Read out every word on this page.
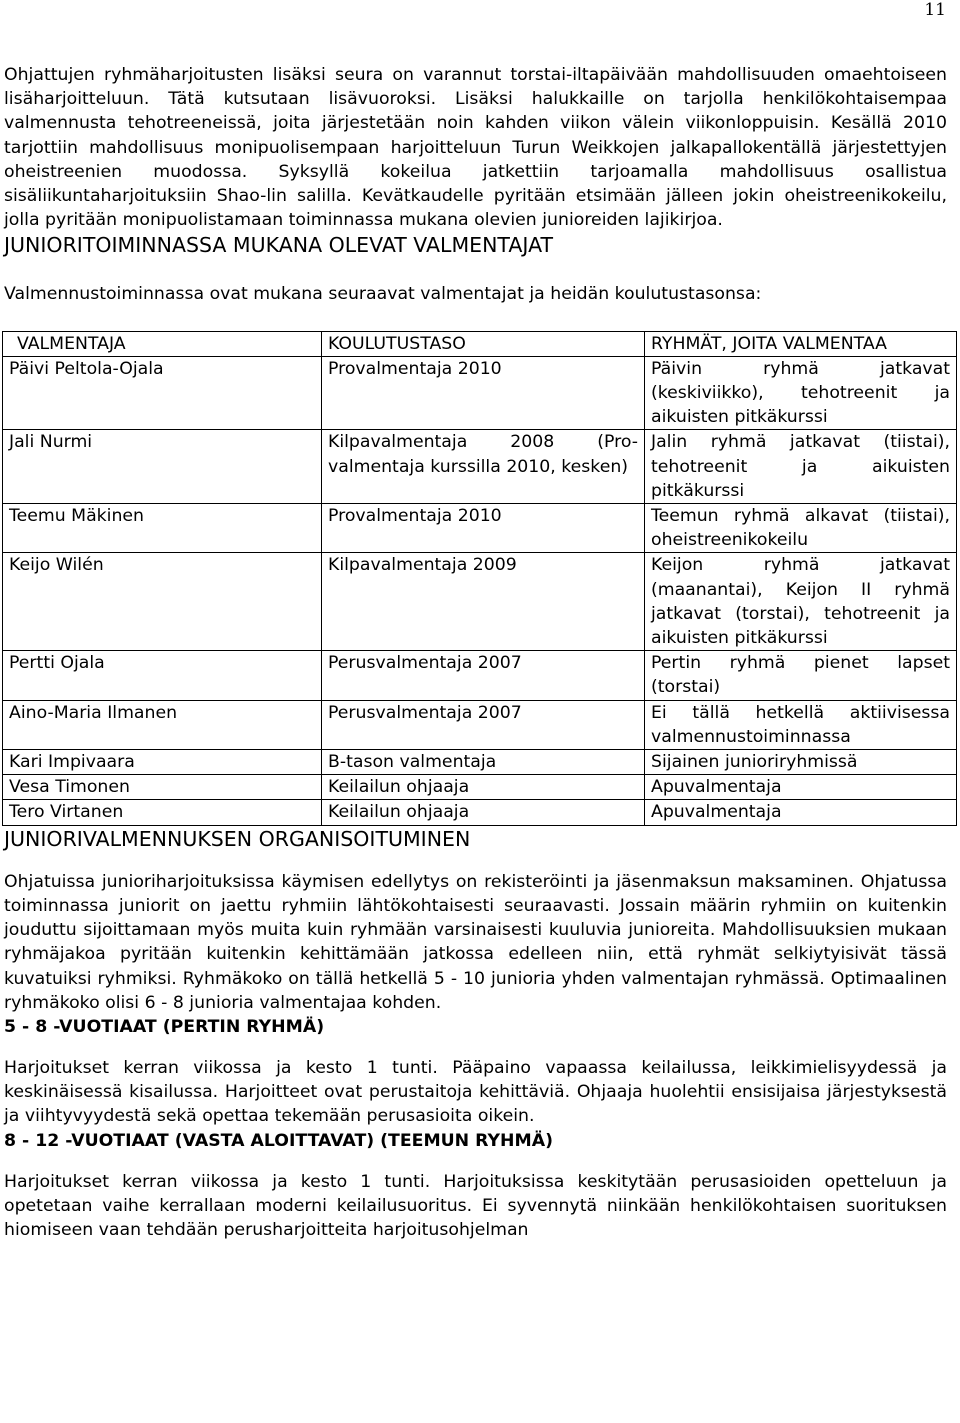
11

Ohjattujen ryhmäharjoitusten lisäksi seura on varannut torstai-iltapäivään mahdollisuuden omaehtoiseen lisäharjoitteluun. Tätä kutsutaan lisävuoroksi. Lisäksi halukkaille on tarjolla henkilökohtaisempaa valmennusta tehotreeneissä, joita järjestetään noin kahden viikon välein viikonloppuisin. Kesällä 2010 tarjottiin mahdollisuus monipuolisempaan harjoitteluun Turun Weikkojen jalkapallokentällä järjestettyjen oheistreenien muodossa. Syksyllä kokeilua jatkettiin tarjoamalla mahdollisuus osallistua sisäliikuntaharjoituksiin Shao-lin salilla. Kevätkaudelle pyritään etsimään jälleen jokin oheistreenikokeilu, jolla pyritään monipuolistamaan toiminnassa mukana olevien junioreiden lajikirjoa.

JUNIORITOIMINNASSA MUKANA OLEVAT VALMENTAJAT

Valmennustoiminnassa ovat mukana seuraavat valmentajat ja heidän koulutustasonsa:

VALMENTAJA	KOULUTUSTASO	RYHMÄT, JOITA VALMENTAA
Päivi Peltola-Ojala	Provalmentaja 2010	Päivin ryhmä jatkavat (keskiviikko), tehotreenit ja aikuisten pitkäkurssi
Jali Nurmi	Kilpavalmentaja 2008 (Pro-valmentaja kurssilla 2010, kesken)	Jalin ryhmä jatkavat (tiistai), tehotreenit ja aikuisten pitkäkurssi
Teemu Mäkinen	Provalmentaja 2010	Teemun ryhmä alkavat (tiistai), oheistreenikokeilu
Keijo Wilén	Kilpavalmentaja 2009	Keijon ryhmä jatkavat (maanantai), Keijon II ryhmä jatkavat (torstai), tehotreenit ja aikuisten pitkäkurssi
Pertti Ojala	Perusvalmentaja 2007	Pertin ryhmä pienet lapset (torstai)
Aino-Maria Ilmanen	Perusvalmentaja 2007	Ei tällä hetkellä aktiivisessa valmennustoiminnassa
Kari Impivaara	B-tason valmentaja	Sijainen junioriryhmissä
Vesa Timonen	Keilailun ohjaaja	Apuvalmentaja
Tero Virtanen	Keilailun ohjaaja	Apuvalmentaja
JUNIORIVALMENNUKSEN ORGANISOITUMINEN

Ohjatuissa junioriharjoituksissa käymisen edellytys on rekisteröinti ja jäsenmaksun maksaminen. Ohjatussa toiminnassa juniorit on jaettu ryhmiin lähtökohtaisesti seuraavasti. Jossain määrin ryhmiin on kuitenkin jouduttu sijoittamaan myös muita kuin ryhmään varsinaisesti kuuluvia junioreita. Mahdollisuuksien mukaan ryhmäjakoa pyritään kuitenkin kehittämään jatkossa edelleen niin, että ryhmät selkiytyisivät tässä kuvatuiksi ryhmiksi. Ryhmäkoko on tällä hetkellä 5 - 10 junioria yhden valmentajan ryhmässä. Optimaalinen ryhmäkoko olisi 6 - 8 junioria valmentajaa kohden.

5 - 8 -VUOTIAAT (PERTIN RYHMÄ)

Harjoitukset kerran viikossa ja kesto 1 tunti. Pääpaino vapaassa keilailussa, leikkimielisyydessä ja keskinäisessä kisailussa. Harjoitteet ovat perustaitoja kehittäviä. Ohjaaja huolehtii ensisijaisa järjestyksestä ja viihtyvyydestä sekä opettaa tekemään perusasioita oikein.

8 - 12 -VUOTIAAT (VASTA ALOITTAVAT) (TEEMUN RYHMÄ)

Harjoitukset kerran viikossa ja kesto 1 tunti. Harjoituksissa keskitytään perusasioiden opetteluun ja opetetaan vaihe kerrallaan moderni keilailusuoritus. Ei syvennytä niinkään henkilökohtaisen suorituksen hiomiseen vaan tehdään perusharjoitteita harjoitusohjelman
